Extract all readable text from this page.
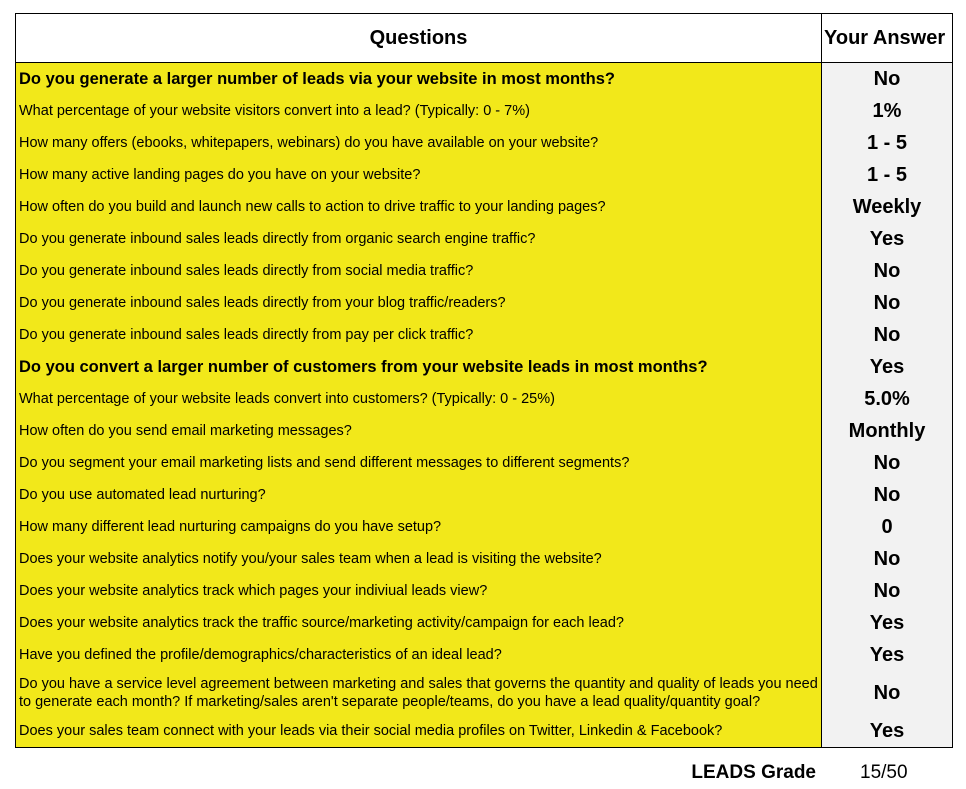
Questions	Your Answer
Do you generate a larger number of leads via your website in most months?	No
What percentage of your website visitors convert into a lead? (Typically: 0 - 7%)	1%
How many offers (ebooks, whitepapers, webinars) do you have available on your website?	1 - 5
How many active landing pages do you have on your website?	1 - 5
How often do you build and launch new calls to action to drive traffic to your landing pages?	Weekly
Do you generate inbound sales leads directly from organic search engine traffic?	Yes
Do you generate inbound sales leads directly from social media traffic?	No
Do you generate inbound sales leads directly from your blog traffic/readers?	No
Do you generate inbound sales leads directly from pay per click traffic?	No
Do you convert a larger number of customers from your website leads in most months?	Yes
What percentage of your website leads convert into customers? (Typically: 0 - 25%)	5.0%
How often do you send email marketing messages?	Monthly
Do you segment your email marketing lists and send different messages to different segments?	No
Do you use automated lead nurturing?	No
How many different lead nurturing campaigns do you have setup?	0
Does your website analytics notify you/your sales team when a lead is visiting the website?	No
Does your website analytics track which pages your indiviual leads view?	No
Does your website analytics track the traffic source/marketing activity/campaign for each lead?	Yes
Have you defined the profile/demographics/characteristics of an ideal lead?	Yes
Do you have a service level agreement between marketing and sales that governs the quantity and quality of leads you need to generate each month? If marketing/sales aren't separate people/teams, do you have a lead quality/quantity goal?	No
Does your sales team connect with your leads via their social media profiles on Twitter, Linkedin & Facebook?	Yes
LEADS Grade 15/50
